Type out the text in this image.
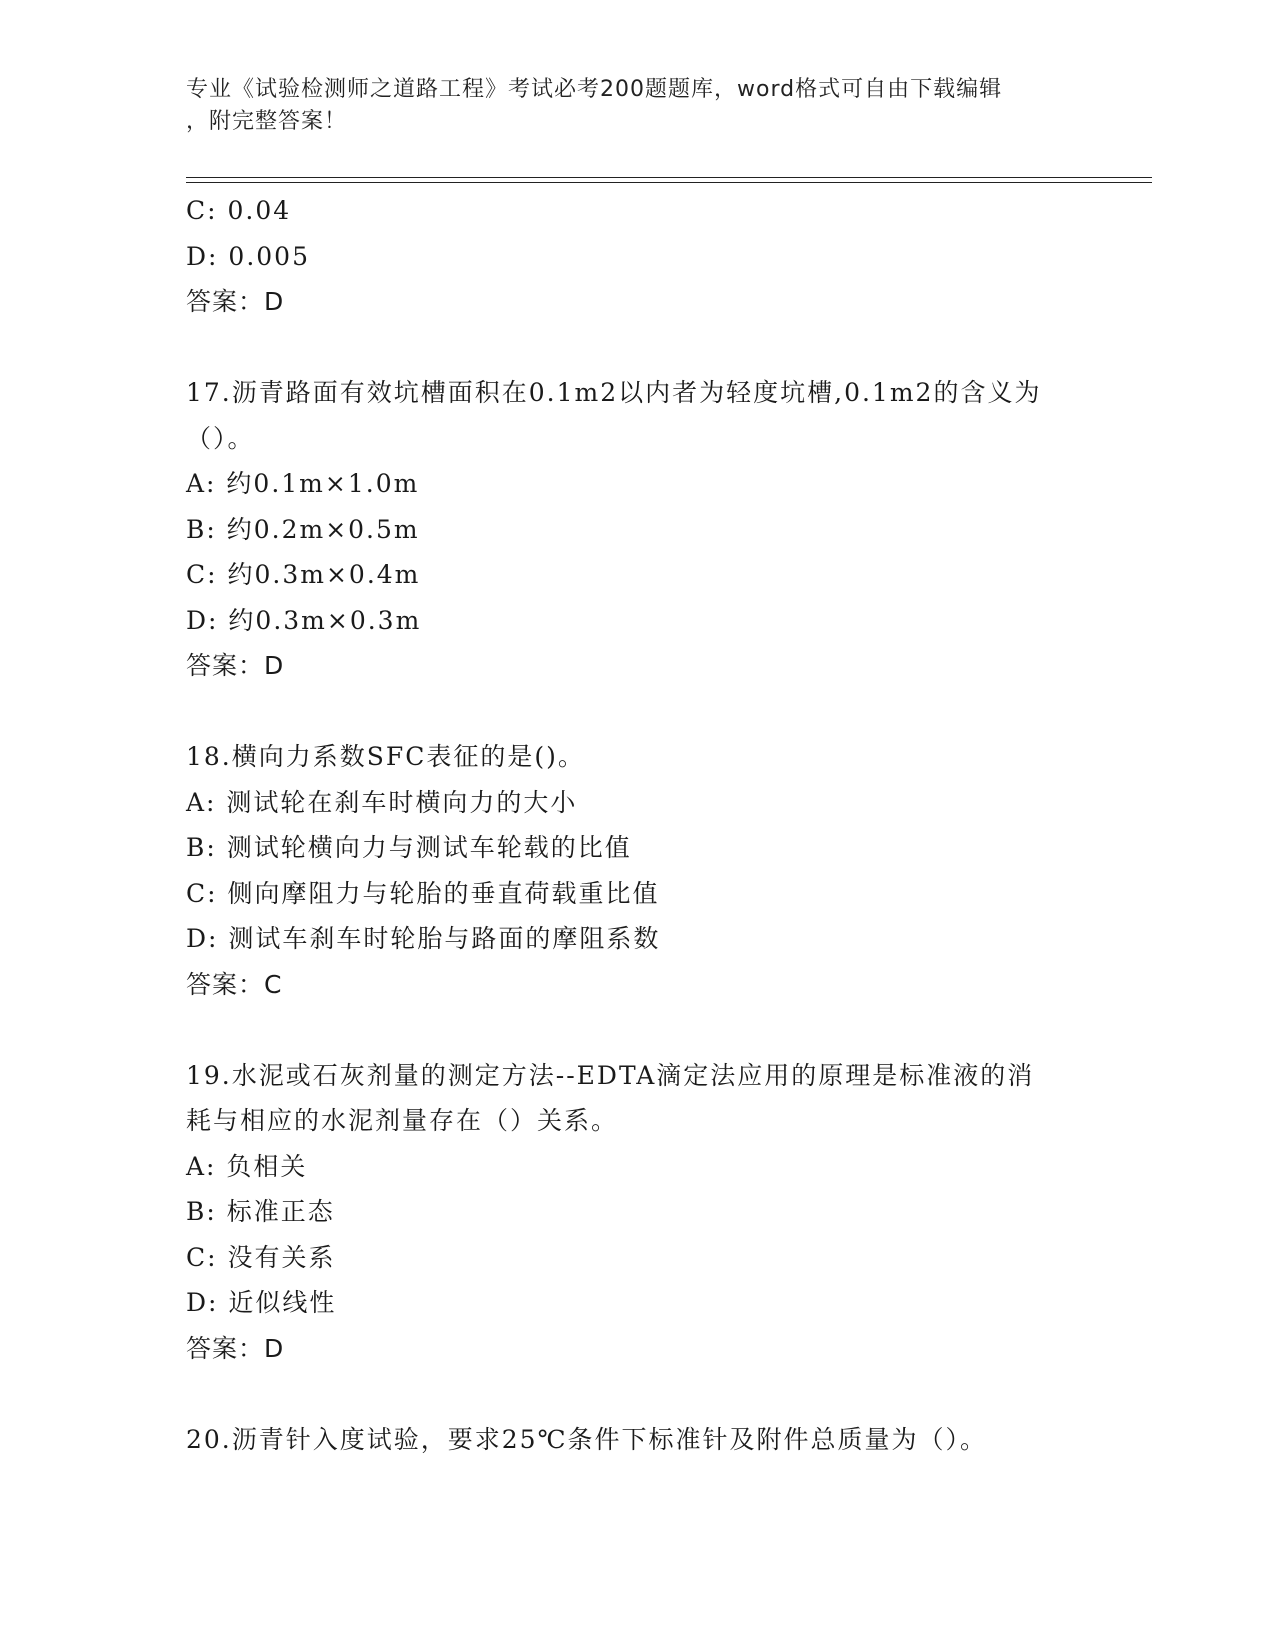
专业《试验检测师之道路工程》考试必考200题题库，word格式可自由下载编辑
，附完整答案！
C: 0.04
D: 0.005
答案：D
17.沥青路面有效坑槽面积在0.1m2以内者为轻度坑槽,0.1m2的含义为
（）。
A: 约0.1m×1.0m
B: 约0.2m×0.5m
C: 约0.3m×0.4m
D: 约0.3m×0.3m
答案：D
18.横向力系数SFC表征的是()。
A: 测试轮在刹车时横向力的大小
B: 测试轮横向力与测试车轮载的比值
C: 侧向摩阻力与轮胎的垂直荷载重比值
D: 测试车刹车时轮胎与路面的摩阻系数
答案：C
19.水泥或石灰剂量的测定方法--EDTA滴定法应用的原理是标准液的消
耗与相应的水泥剂量存在（）关系。
A: 负相关
B: 标准正态
C: 没有关系
D: 近似线性
答案：D
20.沥青针入度试验，要求25℃条件下标准针及附件总质量为（）。
